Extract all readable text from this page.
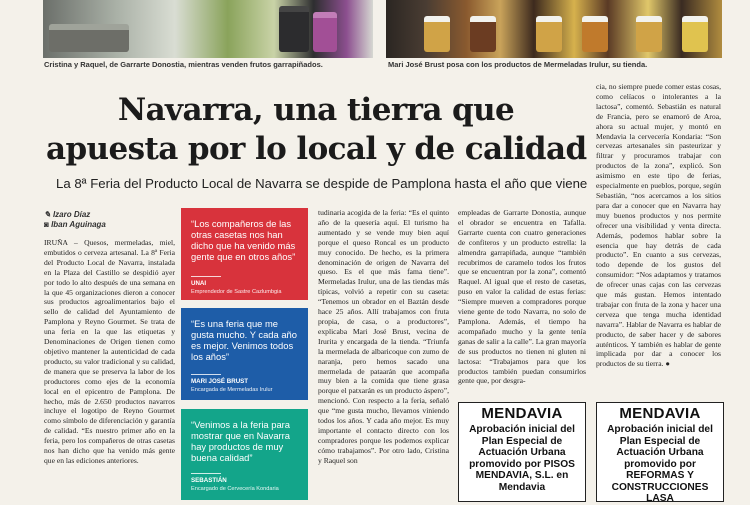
Cristina y Raquel, de Garrarte Donostia, mientras venden frutos garrapiñados.	Mari José Brust posa con los productos de Mermeladas Irulur, su tienda.
Navarra, una tierra que
apuesta por lo local y de calidad
La 8ª Feria del Producto Local de Navarra se despide de Pamplona hasta el año que viene
✎ Izaro Díaz
◙ Iban Aguinaga
IRUÑA – Quesos, mermeladas, miel, embutidos o cerveza artesanal. La 8ª Feria del Producto Local de Navarra, instalada en la Plaza del Castillo se despidió ayer por todo lo alto después de una semana en la que 45 organizaciones dieron a conocer sus productos agroalimentarios bajo el sello de calidad del Ayuntamiento de Pamplona y Reyno Gourmet. Se trata de una feria en la que las etiquetas y Denominaciones de Origen tienen como objetivo mantener la autenticidad de cada producto, su valor tradicional y su calidad, de manera que se preserva la labor de los productores como ejes de la economía local en el epicentro de Pamplona. De hecho, más de 2.650 productos navarros incluye el logotipo de Reyno Gourmet como símbolo de diferenciación y garantía de calidad. “Es nuestro primer año en la feria, pero los compañeros de otras casetas nos han dicho que ha venido más gente que en las ediciones anteriores.
tudinaria acogida de la feria: “Es el quinto año de la quesería aquí. El turismo ha aumentado y se vende muy bien aquí porque el queso Roncal es un producto muy conocido. De hecho, es la primera denominación de origen de Navarra del queso. Es el que más fama tiene”. Mermeladas Irulur, una de las tiendas más típicas, volvió a repetir con su caseta: “Tenemos un obrador en el Baztán desde hace 25 años. Allí trabajamos con fruta propia, de casa, o a productores”, explicaba Mari José Brust, vecina de Irurita y encargada de la tienda. “Triunfa la mermelada de albaricoque con zumo de naranja, pero hemos sacado una mermelada de pataarán que acompaña muy bien a la comida que tiene grasa porque el patxarán es un producto áspero”, mencionó. Con respecto a la feria, señaló que “me gusta mucho, llevamos viniendo todos los años. Y cada año mejor. Es muy importante el contacto directo con los compradores porque les podemos explicar cómo trabajamos”. Por otro lado, Cristina y Raquel son
empleadas de Garrarte Donostia, aunque el obrador se encuentra en Tafalla. Garrarte cuenta con cuatro generaciones de confiteros y un producto estrella: la almendra garrapiñada, aunque “también recubrimos de caramelo todos los frutos que se encuentran por la zona”, comentó Raquel. Al igual que el resto de casetas, puso en valor la calidad de estas ferias: “Siempre mueven a compradores porque viene gente de todo Navarra, no solo de Pamplona. Además, el tiempo ha acompañado mucho y la gente tenía ganas de salir a la calle”. La gran mayoría de sus productos no tienen ni gluten ni lactosa: “Trabajamos para que los productos también puedan consumirlos gente que, por desgra-
cia, no siempre puede comer estas cosas, como celíacos o intolerantes a la lactosa”, comentó. Sebastián es natural de Francia, pero se enamoró de Aroa, ahora su actual mujer, y montó en Mendavia la cervecería Kondaria: “Son cervezas artesanales sin pasteurizar y filtrar y procuramos trabajar con productos de la zona”, explicó. Son asimismo en este tipo de ferias, especialmente en pueblos, porque, según Sebastián, “nos acercamos a los sitios para dar a conocer que en Navarra hay muy buenos productos y nos permite ofrecer una visibilidad y venta directa. Además, podemos hablar sobre la esencia que hay detrás de cada producto”. En cuanto a sus cervezas, todo depende de los gustos del consumidor: “Nos adaptamos y tratamos de ofrecer unas cajas con las cervezas que más gustan. Hemos intentado trabajar con fruta de la zona y hacer una cerveza que tenga mucha identidad navarra”. Hablar de Navarra es hablar de producto, de saber hacer y de sabores auténticos. Y también es hablar de gente implicada por dar a conocer los productos de su tierra. ●
“Los compañeros de las otras casetas nos han dicho que ha venido más gente que en otros años”
UNAI
Emprendedor de Sastre Cazlumbgia
“Es una feria que me gusta mucho. Y cada año es mejor. Venimos todos los años”
MARI JOSÉ BRUST
Encargada de Mermeladas Irulur
“Venimos a la feria para mostrar que en Navarra hay productos de muy buena calidad”
SEBASTIÁN
Encargado de Cervecería Kondaria
MENDAVIA
Aprobación inicial del Plan Especial de Actuación Urbana promovido por PISOS MENDAVIA, S.L. en Mendavia
MENDAVIA
Aprobación inicial del Plan Especial de Actuación Urbana promovido por REFORMAS Y CONSTRUCCIONES LASA
